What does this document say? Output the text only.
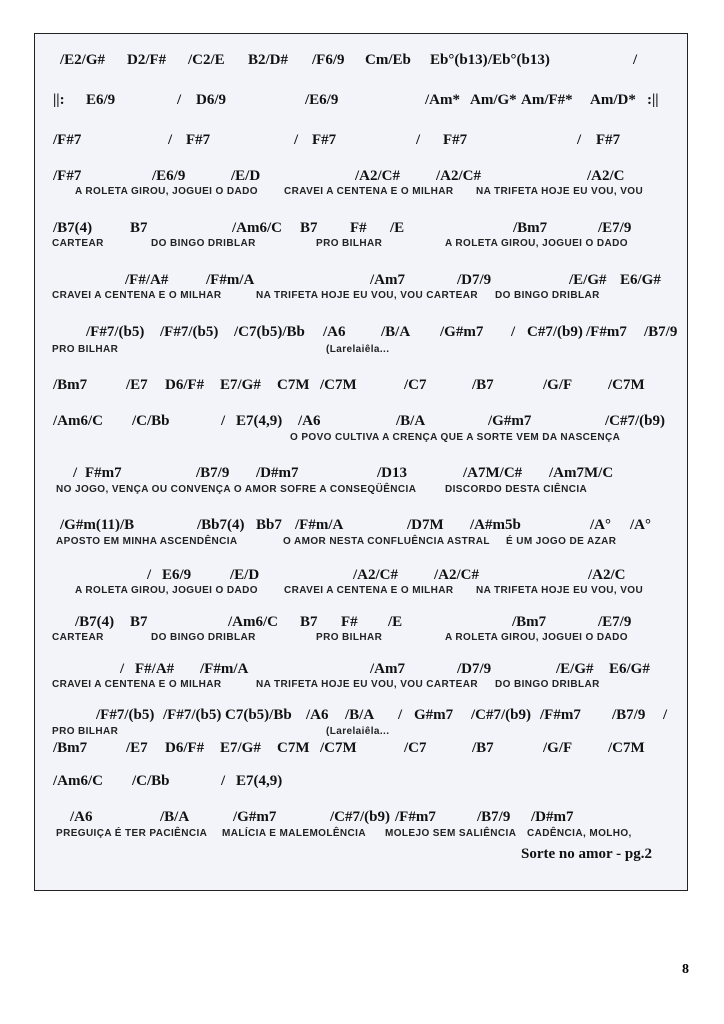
/E2/G# D2/F# /C2/E B2/D# /F6/9 Cm/Eb Eb°(b13) /Eb°(b13)	/
||: E6/9	/ D6/9	/E6/9	/Am* Am/G* Am/F#* Am/D* :||
/F#7	/ F#7	/ F#7	/ F#7	/ F#7
/F#7	/E6/9	/E/D	/A2/C# /A2/C#	/A2/C
/B7(4)	B7	/Am6/C B7 F# /E	/Bm7	/E7/9
/F#/A#	/F#m/A	/Am7	/D7/9	/E/G# E6/G#
/F#7/(b5) /F#7/(b5) /C7(b5)/Bb /A6 /B/A /G#m7 / C#7/(b9) /F#m7 /B7/9
/Bm7	/E7 D6/F# E7/G# C7M /C7M	/C7	/B7	/G/F /C7M
/Am6/C /C/Bb	/ E7(4,9) /A6	/B/A	/G#m7	/C#7/(b9)
/ F#m7	/B7/9 /D#m7	/D13	/A7M/C# /Am7M/C
/G#m(11)/B	/Bb7(4) Bb7 /F#m/A	/D7M /A#m5b	/A° /A°
/ E6/9	/E/D	/A2/C# /A2/C#	/A2/C
/B7(4) B7	/Am6/C B7 F# /E	/Bm7	/E7/9
/ F#/A# /F#m/A	/Am7	/D7/9	/E/G# E6/G#
/F#7/(b5) /F#7/(b5) C7(b5)/Bb /A6 /B/A / G#m7 /C#7/(b9) /F#m7 /B7/9 /
/Bm7	/E7 D6/F# E7/G# C7M /C7M	/C7	/B7	/G/F /C7M
/Am6/C /C/Bb	/ E7(4,9)
/A6	/B/A	/G#m7	/C#7/(b9) /F#m7	/B7/9 /D#m7
A ROLETA GIROU, JOGUEI O DADO	CRAVEI A CENTENA E O MILHAR NA TRIFETA HOJE EU VOU, VOU
CARTEAR	DO BINGO DRIBLAR	PRO BILHAR	A ROLETA GIROU, JOGUEI O DADO
CRAVEI A CENTENA E O MILHAR	NA TRIFETA HOJE EU VOU, VOU CARTEAR DO BINGO DRIBLAR
PRO BILHAR	(Larelaiêla...
O POVO CULTIVA A CRENÇA QUE A SORTE VEM DA NASCENÇA
NO JOGO, VENÇA OU CONVENÇA O AMOR SOFRE A CONSEQÜÊNCIA	DISCORDO DESTA CIÊNCIA
APOSTO EM MINHA ASCENDÊNCIA	O AMOR NESTA CONFLUÊNCIA ASTRAL É UM JOGO DE AZAR
A ROLETA GIROU, JOGUEI O DADO	CRAVEI A CENTENA E O MILHAR NA TRIFETA HOJE EU VOU, VOU
CARTEAR	DO BINGO DRIBLAR	PRO BILHAR	A ROLETA GIROU, JOGUEI O DADO
CRAVEI A CENTENA E O MILHAR	NA TRIFETA HOJE EU VOU, VOU CARTEAR DO BINGO DRIBLAR
PRO BILHAR	(Larelaiêla...
PREGUIÇA É TER PACIÊNCIA MALÍCIA E MALEMOLÊNCIA MOLEJO SEM SALIÊNCIA CADÊNCIA, MOLHO,
Sorte no amor - pg.2
8
